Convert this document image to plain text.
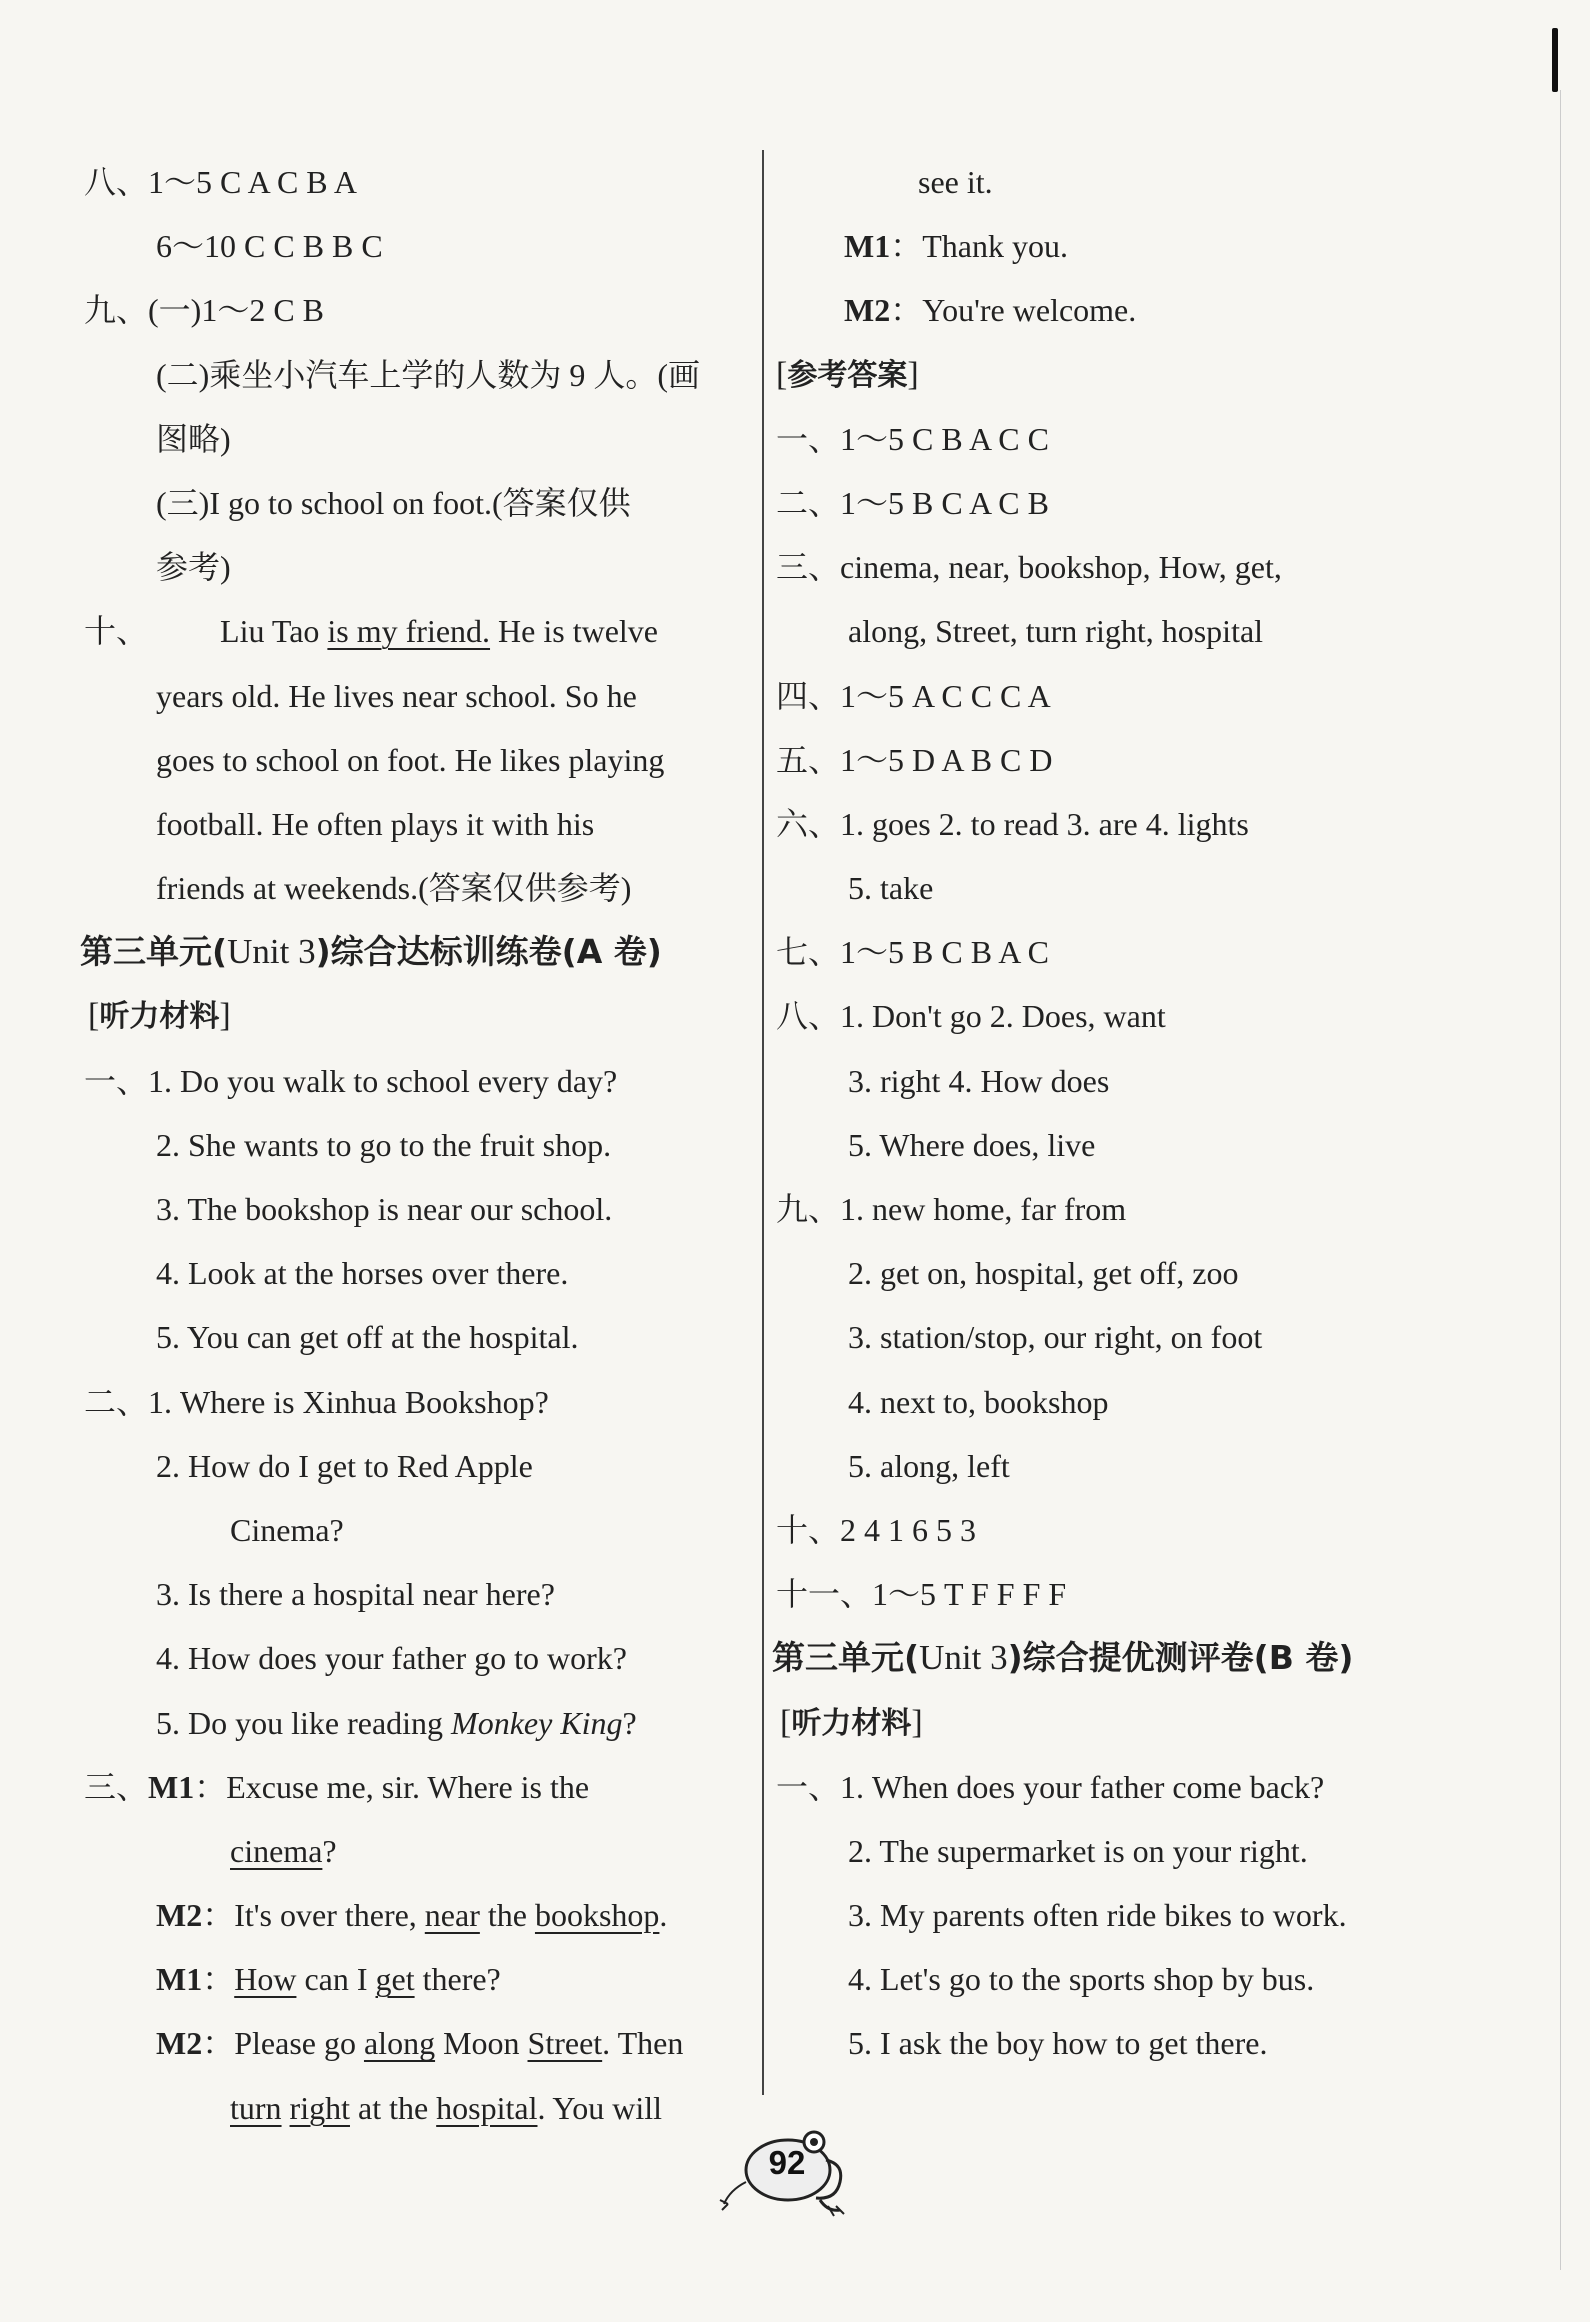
八、1～5 C A C B A
6～10 C C B B C
九、(一)1～2 C B
(二)乘坐小汽车上学的人数为 9 人。(画
图略)
(三)I go to school on foot.(答案仅供
参考)
十、 Liu Tao is my friend. He is twelve
years old. He lives near school. So he
goes to school on foot. He likes playing
football. He often plays it with his
friends at weekends.(答案仅供参考)
第三单元(Unit 3)综合达标训练卷(A 卷)
[听力材料]
一、1. Do you walk to school every day?
2. She wants to go to the fruit shop.
3. The bookshop is near our school.
4. Look at the horses over there.
5. You can get off at the hospital.
二、1. Where is Xinhua Bookshop?
2. How do I get to Red Apple
Cinema?
3. Is there a hospital near here?
4. How does your father go to work?
5. Do you like reading Monkey King?
三、M1：Excuse me, sir. Where is the
cinema?
M2：It's over there, near the bookshop.
M1：How can I get there?
M2：Please go along Moon Street. Then
turn right at the hospital. You will
see it.
M1：Thank you.
M2：You're welcome.
[参考答案]
一、1～5 C B A C C
二、1～5 B C A C B
三、cinema, near, bookshop, How, get,
along, Street, turn right, hospital
四、1～5 A C C C A
五、1～5 D A B C D
六、1. goes 2. to read 3. are 4. lights
5. take
七、1～5 B C B A C
八、1. Don't go 2. Does, want
3. right 4. How does
5. Where does, live
九、1. new home, far from
2. get on, hospital, get off, zoo
3. station/stop, our right, on foot
4. next to, bookshop
5. along, left
十、2 4 1 6 5 3
十一、1～5 T F F F F
第三单元(Unit 3)综合提优测评卷(B 卷)
[听力材料]
一、1. When does your father come back?
2. The supermarket is on your right.
3. My parents often ride bikes to work.
4. Let's go to the sports shop by bus.
5. I ask the boy how to get there.
92
